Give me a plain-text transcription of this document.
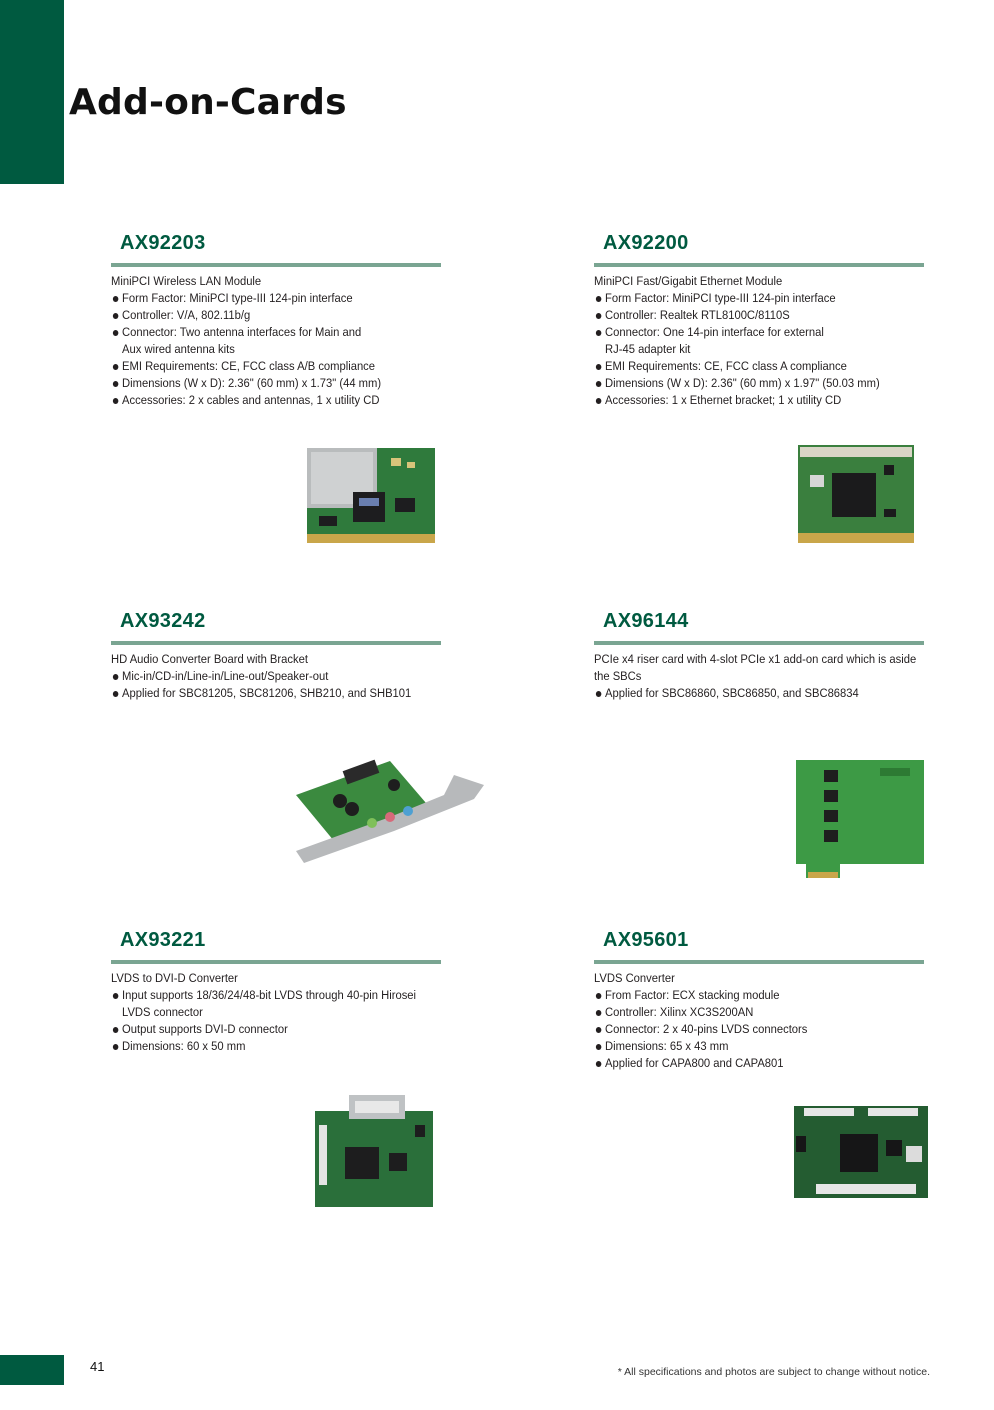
Add-on-Cards
AX92203
MiniPCI Wireless LAN Module
Form Factor: MiniPCI type-III 124-pin interface
Controller: V/A, 802.11b/g
Connector: Two antenna interfaces for Main and Aux wired antenna kits
EMI Requirements: CE, FCC class A/B compliance
Dimensions (W x D): 2.36" (60 mm) x 1.73" (44 mm)
Accessories: 2 x cables and antennas, 1 x utility CD
AX92200
MiniPCI Fast/Gigabit Ethernet Module
Form Factor: MiniPCI type-III 124-pin interface
Controller: Realtek RTL8100C/8110S
Connector: One 14-pin interface for external RJ-45 adapter kit
EMI Requirements: CE, FCC class A compliance
Dimensions (W x D): 2.36" (60 mm) x 1.97" (50.03 mm)
Accessories: 1 x Ethernet bracket; 1 x utility CD
AX93242
HD Audio Converter Board with Bracket
Mic-in/CD-in/Line-in/Line-out/Speaker-out
Applied for SBC81205, SBC81206, SHB210, and SHB101
AX96144
PCIe x4 riser card with 4-slot PCIe x1 add-on card which is aside the SBCs
Applied for SBC86860, SBC86850, and SBC86834
AX93221
LVDS to DVI-D Converter
Input supports 18/36/24/48-bit LVDS through 40-pin Hirosei LVDS connector
Output supports DVI-D connector
Dimensions: 60 x 50 mm
AX95601
LVDS Converter
From Factor: ECX stacking module
Controller: Xilinx XC3S200AN
Connector: 2 x 40-pins LVDS connectors
Dimensions: 65 x 43 mm
Applied for CAPA800 and CAPA801
41	* All specifications and photos are subject to change without notice.
